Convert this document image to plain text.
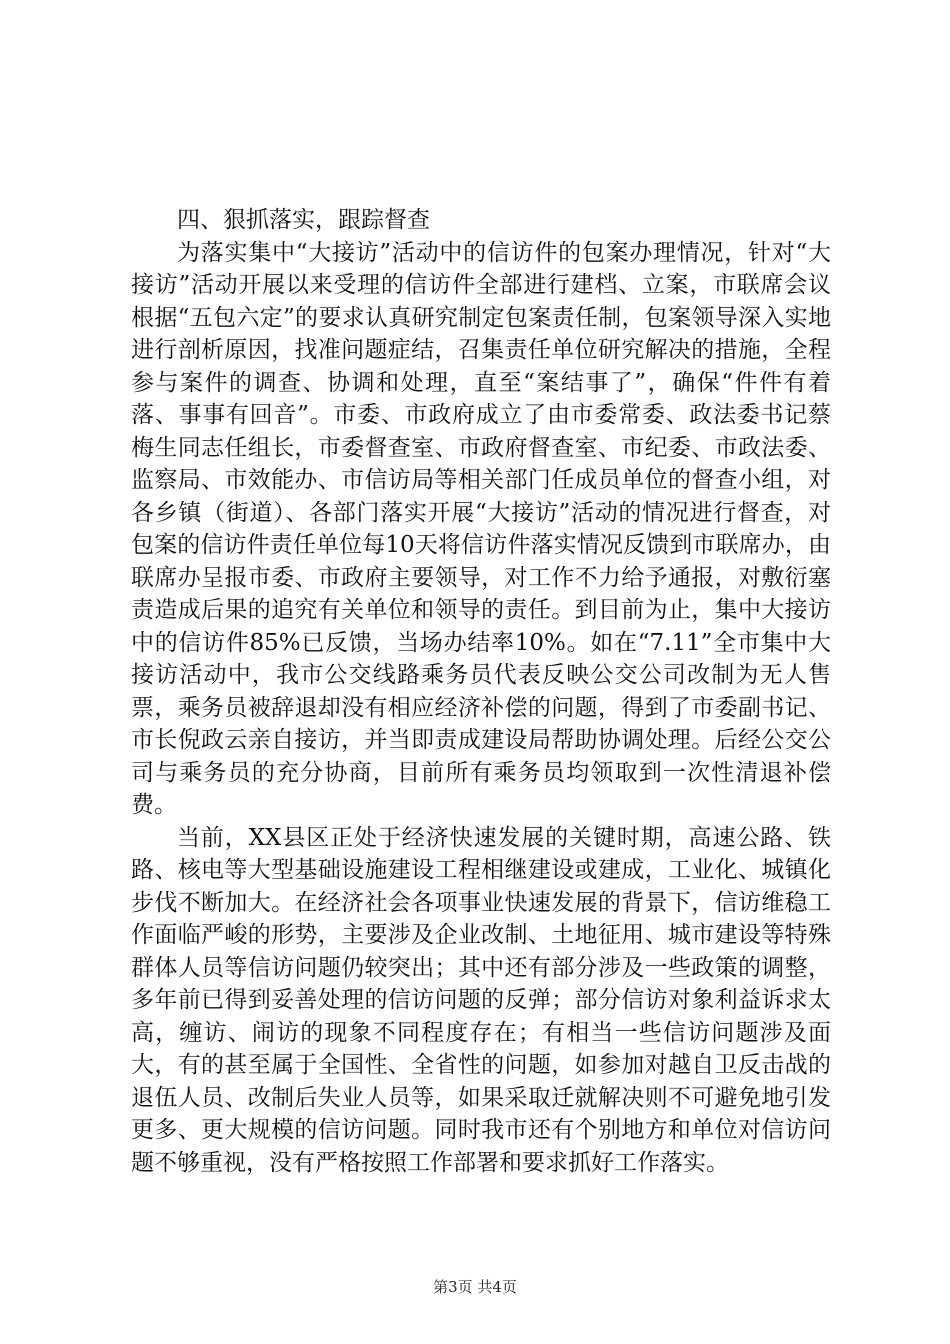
四、狠抓落实，跟踪督查

为落实集中“大接访”活动中的信访件的包案办理情况，针对“大接访”活动开展以来受理的信访件全部进行建档、立案，市联席会议根据“五包六定”的要求认真研究制定包案责任制，包案领导深入实地进行剖析原因，找准问题症结，召集责任单位研究解决的措施，全程参与案件的调查、协调和处理，直至“案结事了”，确保“件件有着落、事事有回音”。市委、市政府成立了由市委常委、政法委书记蔡梅生同志任组长，市委督查室、市政府督查室、市纪委、市政法委、监察局、市效能办、市信访局等相关部门任成员单位的督查小组，对各乡镇（街道）、各部门落实开展“大接访”活动的情况进行督查，对包案的信访件责任单位每10天将信访件落实情况反馈到市联席办，由联席办呈报市委、市政府主要领导，对工作不力给予通报，对敷衍塞责造成后果的追究有关单位和领导的责任。到目前为止，集中大接访中的信访件85%已反馈，当场办结率10%。如在“7.11”全市集中大接访活动中，我市公交线路乘务员代表反映公交公司改制为无人售票，乘务员被辞退却没有相应经济补偿的问题，得到了市委副书记、市长倪政云亲自接访，并当即责成建设局帮助协调处理。后经公交公司与乘务员的充分协商，目前所有乘务员均领取到一次性清退补偿费。

当前，XX县区正处于经济快速发展的关键时期，高速公路、铁路、核电等大型基础设施建设工程相继建设或建成，工业化、城镇化步伐不断加大。在经济社会各项事业快速发展的背景下，信访维稳工作面临严峻的形势，主要涉及企业改制、土地征用、城市建设等特殊群体人员等信访问题仍较突出；其中还有部分涉及一些政策的调整，多年前已得到妥善处理的信访问题的反弹；部分信访对象利益诉求太高，缠访、闹访的现象不同程度存在；有相当一些信访问题涉及面大，有的甚至属于全国性、全省性的问题，如参加对越自卫反击战的退伍人员、改制后失业人员等，如果采取迁就解决则不可避免地引发更多、更大规模的信访问题。同时我市还有个别地方和单位对信访问题不够重视，没有严格按照工作部署和要求抓好工作落实。

第3页 共4页
